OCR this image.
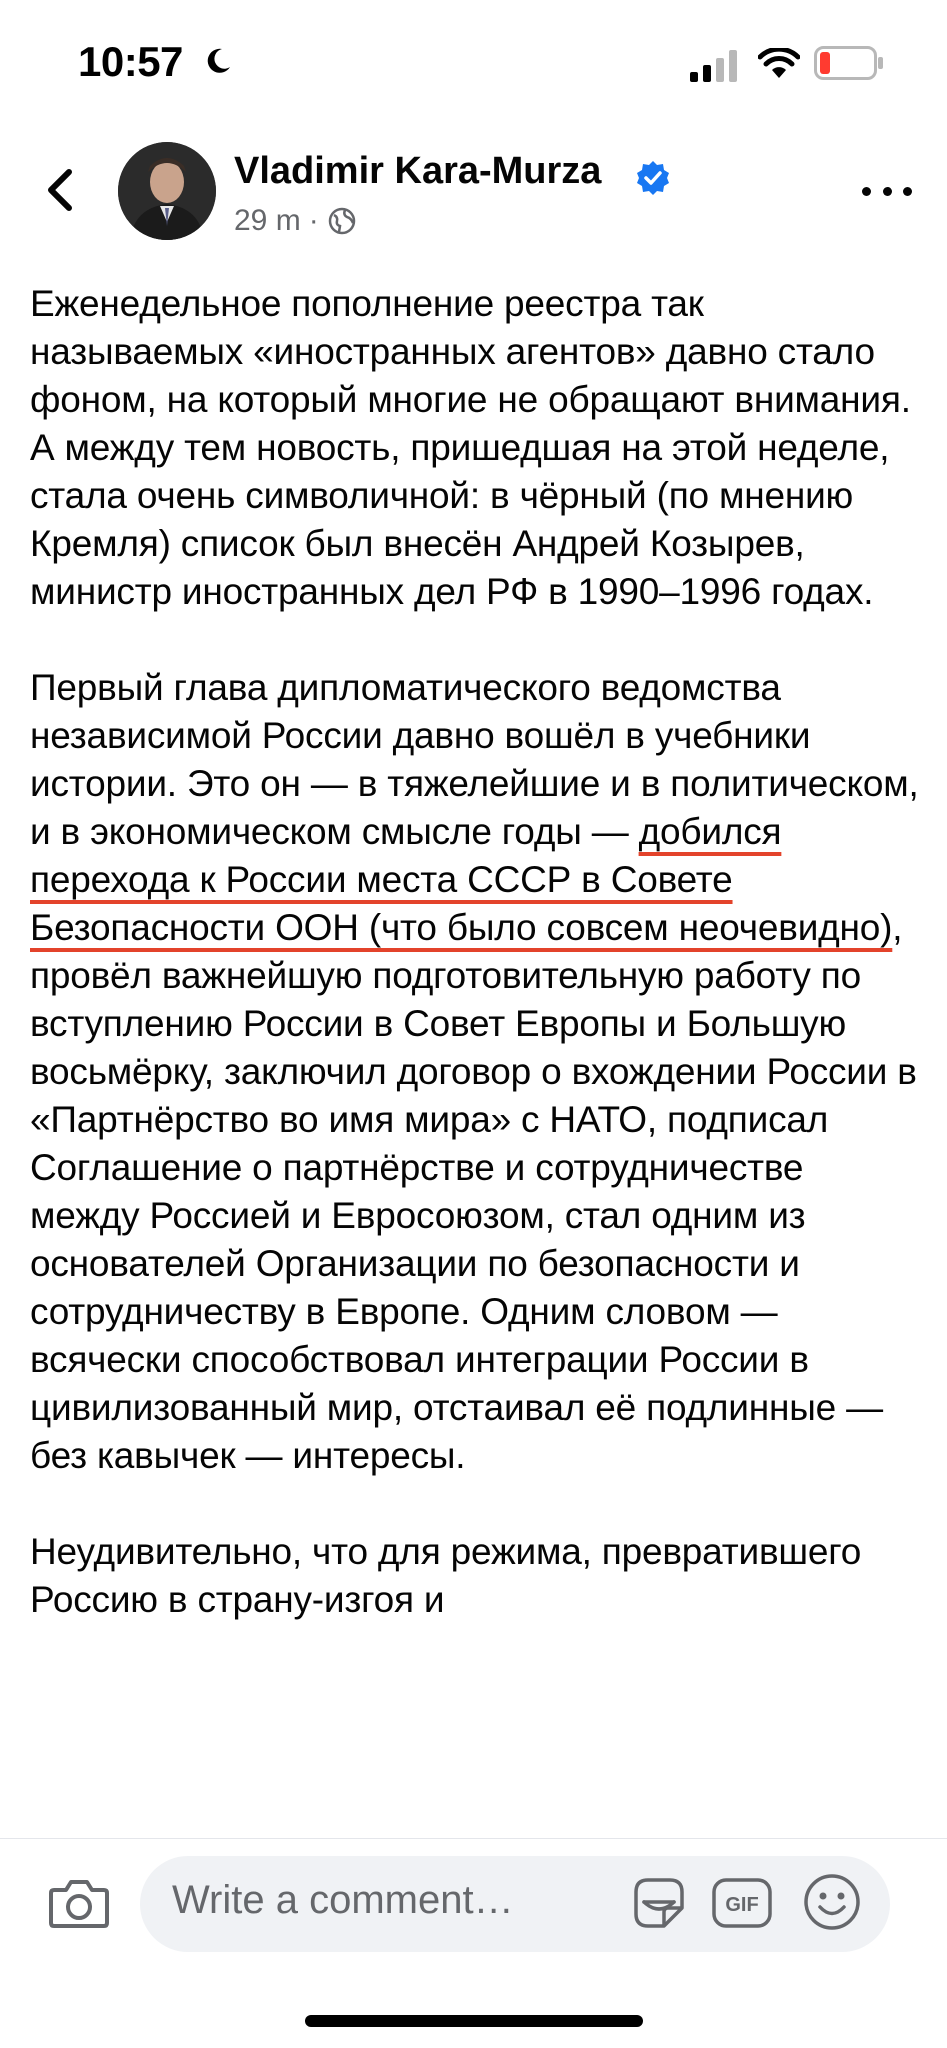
10:57
Vladimir Kara-Murza
29 m ·

Еженедельное пополнение реестра так называемых «иностранных агентов» давно стало фоном, на который многие не обращают внимания. А между тем новость, пришедшая на этой неделе, стала очень символичной: в чёрный (по мнению Кремля) список был внесён Андрей Козырев, министр иностранных дел РФ в 1990–1996 годах.

Первый глава дипломатического ведомства независимой России давно вошёл в учебники истории. Это он — в тяжелейшие и в политическом, и в экономическом смысле годы — добился перехода к России места СССР в Совете Безопасности ООН (что было совсем неочевидно), провёл важнейшую подготовительную работу по вступлению России в Совет Европы и Большую восьмёрку, заключил договор о вхождении России в «Партнёрство во имя мира» с НАТО, подписал Соглашение о партнёрстве и сотрудничестве между Россией и Евросоюзом, стал одним из основателей Организации по безопасности и сотрудничеству в Европе. Одним словом — всячески способствовал интеграции России в цивилизованный мир, отстаивал её подлинные — без кавычек — интересы.

Неудивительно, что для режима, превратившего Россию в страну-изгоя и

Write a comment…	GIF
